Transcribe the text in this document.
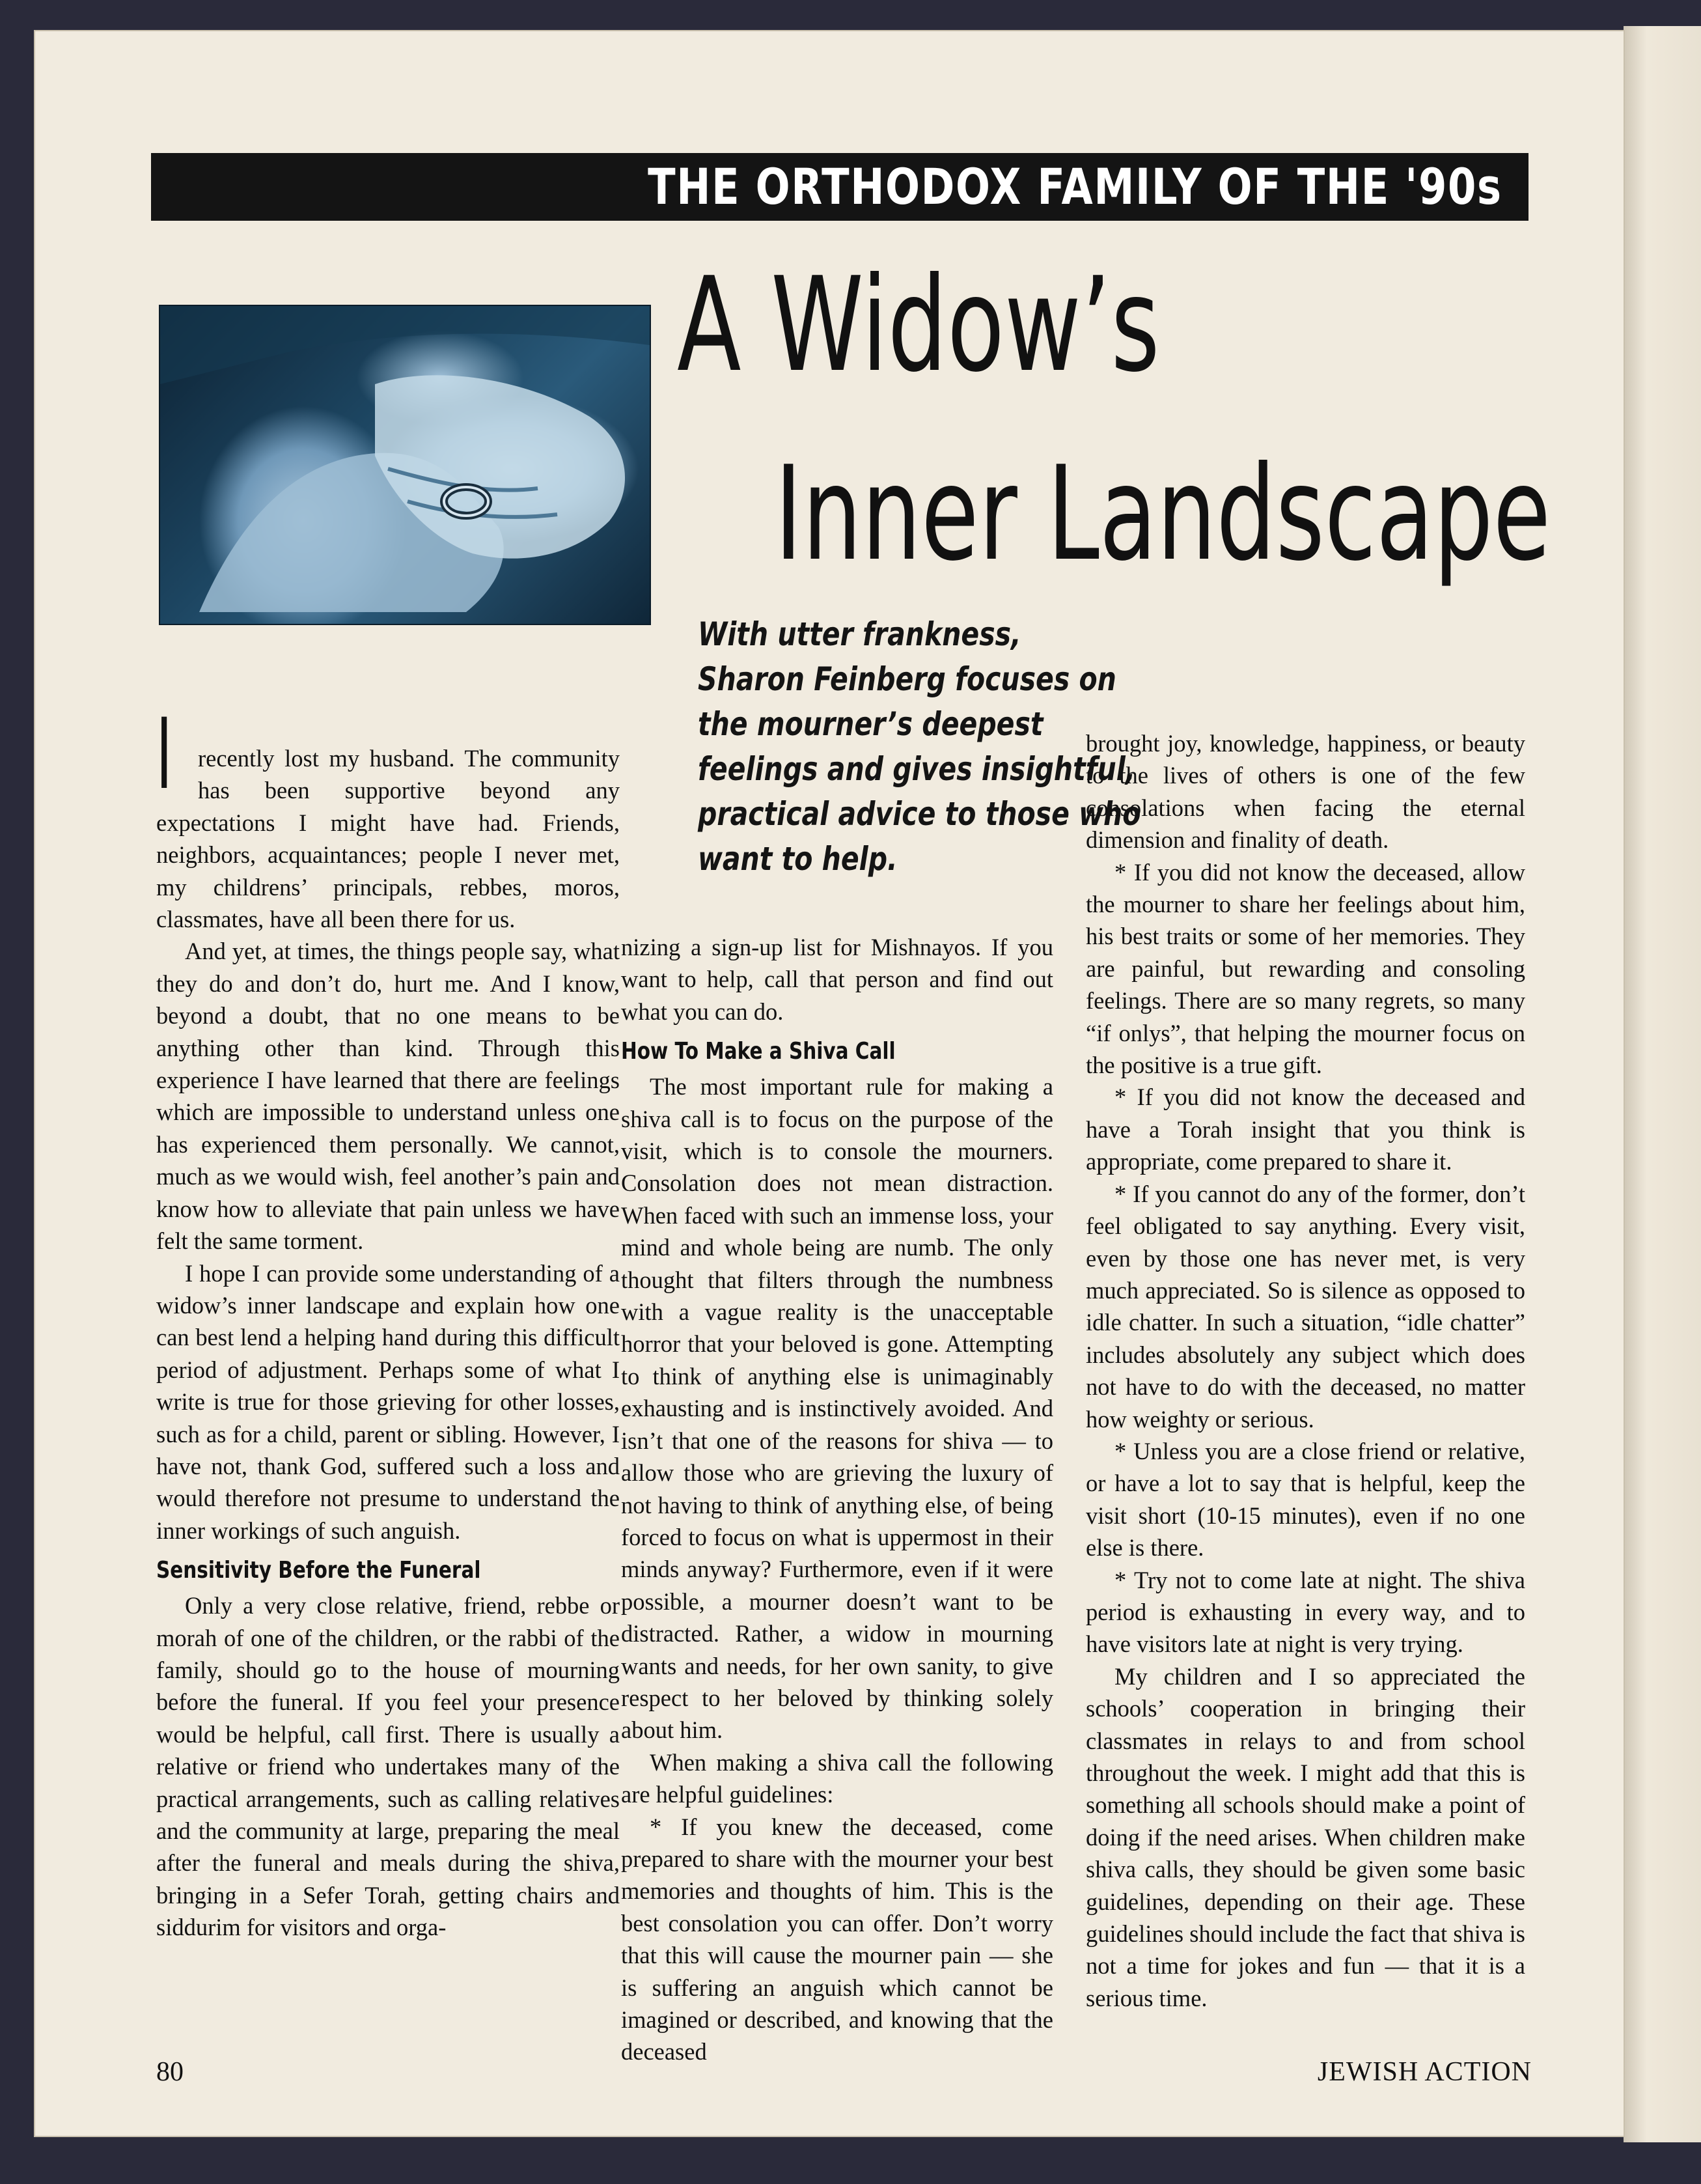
THE ORTHODOX FAMILY OF THE '90s
A Widow’s
Inner Landscape
With utter frankness,
Sharon Feinberg focuses on
the mourner’s deepest
feelings and gives insightful,
practical advice to those who
want to help.

I recently lost my husband. The community has been supportive beyond any expectations I might have had. Friends, neighbors, acquaintances; people I never met, my childrens’ principals, rebbes, moros, classmates, have all been there for us.

And yet, at times, the things people say, what they do and don’t do, hurt me. And I know, beyond a doubt, that no one means to be anything other than kind. Through this experience I have learned that there are feelings which are impossible to understand unless one has experienced them personally. We cannot, much as we would wish, feel another’s pain and know how to alleviate that pain unless we have felt the same torment.

I hope I can provide some understanding of a widow’s inner landscape and explain how one can best lend a helping hand during this difficult period of adjustment. Perhaps some of what I write is true for those grieving for other losses, such as for a child, parent or sibling. However, I have not, thank God, suffered such a loss and would therefore not presume to understand the inner workings of such anguish.

Sensitivity Before the Funeral

Only a very close relative, friend, rebbe or morah of one of the children, or the rabbi of the family, should go to the house of mourning before the funeral. If you feel your presence would be helpful, call first. There is usually a relative or friend who undertakes many of the practical arrangements, such as calling relatives and the community at large, preparing the meal after the funeral and meals during the shiva, bringing in a Sefer Torah, getting chairs and siddurim for visitors and orga-

nizing a sign-up list for Mishnayos. If you want to help, call that person and find out what you can do.

How To Make a Shiva Call

The most important rule for making a shiva call is to focus on the purpose of the visit, which is to console the mourners. Consolation does not mean distraction. When faced with such an immense loss, your mind and whole being are numb. The only thought that filters through the numbness with a vague reality is the unacceptable horror that your beloved is gone. Attempting to think of anything else is unimaginably exhausting and is instinctively avoided. And isn’t that one of the reasons for shiva — to allow those who are grieving the luxury of not having to think of anything else, of being forced to focus on what is uppermost in their minds anyway? Furthermore, even if it were possible, a mourner doesn’t want to be distracted. Rather, a widow in mourning wants and needs, for her own sanity, to give respect to her beloved by thinking solely about him.

When making a shiva call the following are helpful guidelines:

* If you knew the deceased, come prepared to share with the mourner your best memories and thoughts of him. This is the best consolation you can offer. Don’t worry that this will cause the mourner pain — she is suffering an anguish which cannot be imagined or described, and knowing that the deceased

brought joy, knowledge, happiness, or beauty to the lives of others is one of the few consolations when facing the eternal dimension and finality of death.

* If you did not know the deceased, allow the mourner to share her feelings about him, his best traits or some of her memories. They are painful, but rewarding and consoling feelings. There are so many regrets, so many “if onlys”, that helping the mourner focus on the positive is a true gift.

* If you did not know the deceased and have a Torah insight that you think is appropriate, come prepared to share it.

* If you cannot do any of the former, don’t feel obligated to say anything. Every visit, even by those one has never met, is very much appreciated. So is silence as opposed to idle chatter. In such a situation, “idle chatter” includes absolutely any subject which does not have to do with the deceased, no matter how weighty or serious.

* Unless you are a close friend or relative, or have a lot to say that is helpful, keep the visit short (10-15 minutes), even if no one else is there.

* Try not to come late at night. The shiva period is exhausting in every way, and to have visitors late at night is very trying.

My children and I so appreciated the schools’ cooperation in bringing their classmates in relays to and from school throughout the week. I might add that this is something all schools should make a point of doing if the need arises. When children make shiva calls, they should be given some basic guidelines, depending on their age. These guidelines should include the fact that shiva is not a time for jokes and fun — that it is a serious time.

80	JEWISH ACTION
